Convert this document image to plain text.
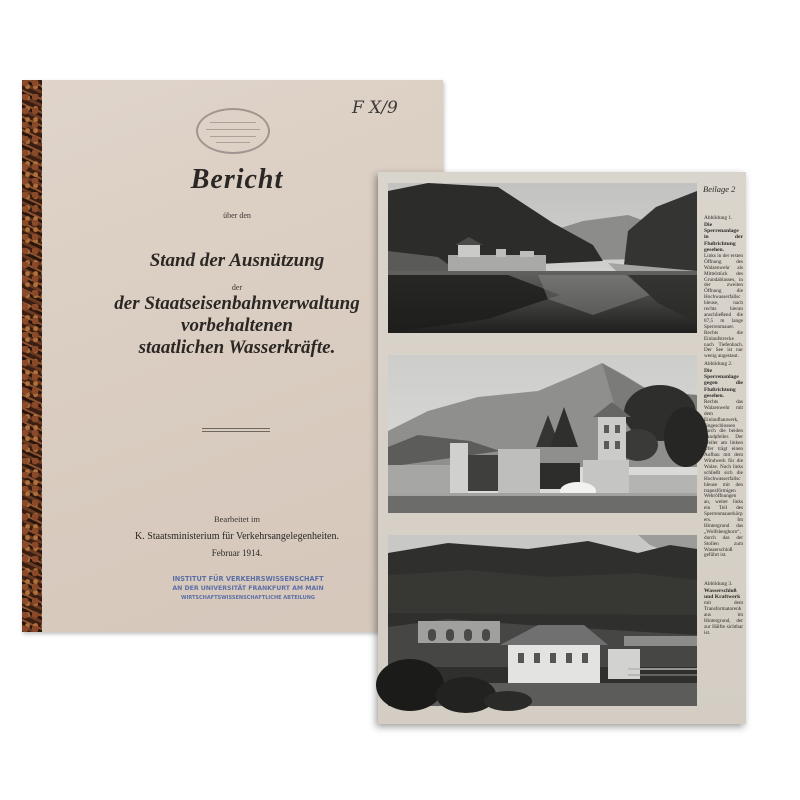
F X/9
Bericht
über den
Stand der Ausnützung
der
der Staatseisenbahnverwaltung
vorbehaltenen
staatlichen Wasserkräfte.
Bearbeitet im
K. Staatsministerium für Verkehrsangelegenheiten.
Februar 1914.
INSTITUT FÜR VERKEHRSWISSENSCHAFT
AN DER UNIVERSITÄT FRANKFURT AM MAIN
WIRTSCHAFTSWISSENSCHAFTLICHE ABTEILUNG
Beilage 2
Abbildung 1.
Die Sperrenanlage in der Flußrichtung gesehen.
Links in der ersten Öffnung des Walzenwehr als Mittelstück des Grundablasses, in der zweiten Öffnung die Hochwasserfallschleuse, nach rechts hieran anschließend die 87,5 m lange Sperrenmauer. Rechts die Einlaufstrecke nach Tiefenbach. Der See ist nur wenig angestaut.
Abbildung 2.
Die Sperrenanlage gegen die Flußrichtung gesehen.
Rechts das Walzenwehr mit dem Einlaufbauwerk, eingeschlossen durch die beiden Landpfeiler. Der Pfeiler am linken Ufer trägt einen Aufbau mit dem Windwerk für die Walze. Nach links schließt sich die Hochwasserfallschleuse mit den trapezförmigen Wehröffnungen an, weiter links ein Teil des Sperrenmauerkörpers. Im Hintergrund das „Wolfsberghorn“, durch das der Stollen zum Wasserschloß geführt ist.
Abbildung 3.
Wasserschloß und Kraftwerk
mit dem Transformatorenhaus im Hintergrund, der zur Hälfte sichtbar ist.
